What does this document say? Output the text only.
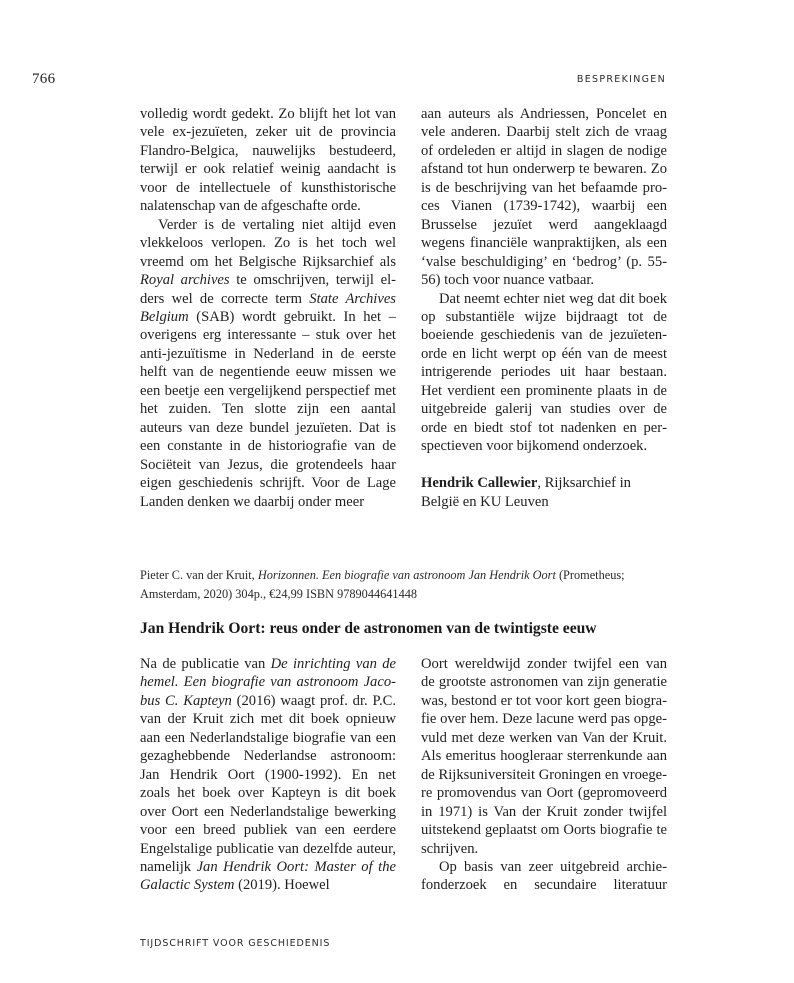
766	BESPREKINGEN

volledig wordt gedekt. Zo blijft het lot van vele ex-jezuïeten, zeker uit de provincia Flandro-Belgica, nauwelijks bestudeerd, terwijl er ook relatief weinig aandacht is voor de intellectuele of kunsthistorische nalatenschap van de afgeschafte orde.

Verder is de vertaling niet altijd even vlekkeloos verlopen. Zo is het toch wel vreemd om het Belgische Rijksarchief als Royal archives te omschrijven, terwijl elders wel de correcte term State Archives Belgium (SAB) wordt gebruikt. In het – overigens erg interessante – stuk over het anti-jezuïtisme in Nederland in de eerste helft van de negentiende eeuw missen we een beetje een vergelijkend perspectief met het zuiden. Ten slotte zijn een aantal auteurs van deze bundel jezuïeten. Dat is een constante in de historiografie van de Sociëteit van Jezus, die grotendeels haar eigen geschiedenis schrijft. Voor de Lage Landen denken we daarbij onder meer

aan auteurs als Andriessen, Poncelet en vele anderen. Daarbij stelt zich de vraag of ordeleden er altijd in slagen de nodige afstand tot hun onderwerp te bewaren. Zo is de beschrijving van het befaamde proces Vianen (1739-1742), waarbij een Brusselse jezuïet werd aangeklaagd wegens financiële wanpraktijken, als een ‘valse beschuldiging’ en ‘bedrog’ (p. 55-56) toch voor nuance vatbaar.

Dat neemt echter niet weg dat dit boek op substantiële wijze bijdraagt tot de boeiende geschiedenis van de jezuïetenorde en licht werpt op één van de meest intrigerende periodes uit haar bestaan. Het verdient een prominente plaats in de uitgebreide galerij van studies over de orde en biedt stof tot nadenken en perspectieven voor bijkomend onderzoek.

Hendrik Callewier, Rijksarchief in België en KU Leuven

Pieter C. van der Kruit, Horizonnen. Een biografie van astronoom Jan Hendrik Oort (Prometheus; Amsterdam, 2020) 304p., €24,99 ISBN 9789044641448
Jan Hendrik Oort: reus onder de astronomen van de twintigste eeuw

Na de publicatie van De inrichting van de hemel. Een biografie van astronoom Jacobus C. Kapteyn (2016) waagt prof. dr. P.C. van der Kruit zich met dit boek opnieuw aan een Nederlandstalige biografie van een gezaghebbende Nederlandse astronoom: Jan Hendrik Oort (1900-1992). En net zoals het boek over Kapteyn is dit boek over Oort een Nederlandstalige bewerking voor een breed publiek van een eerdere Engelstalige publicatie van dezelfde auteur, namelijk Jan Hendrik Oort: Master of the Galactic System (2019). Hoewel

Oort wereldwijd zonder twijfel een van de grootste astronomen van zijn generatie was, bestond er tot voor kort geen biografie over hem. Deze lacune werd pas opgevuld met deze werken van Van der Kruit. Als emeritus hoogleraar sterrenkunde aan de Rijksuniversiteit Groningen en vroegere promovendus van Oort (gepromoveerd in 1971) is Van der Kruit zonder twijfel uitstekend geplaatst om Oorts biografie te schrijven.

Op basis van zeer uitgebreid archiefonderzoek en secundaire literatuur

TIJDSCHRIFT VOOR GESCHIEDENIS
